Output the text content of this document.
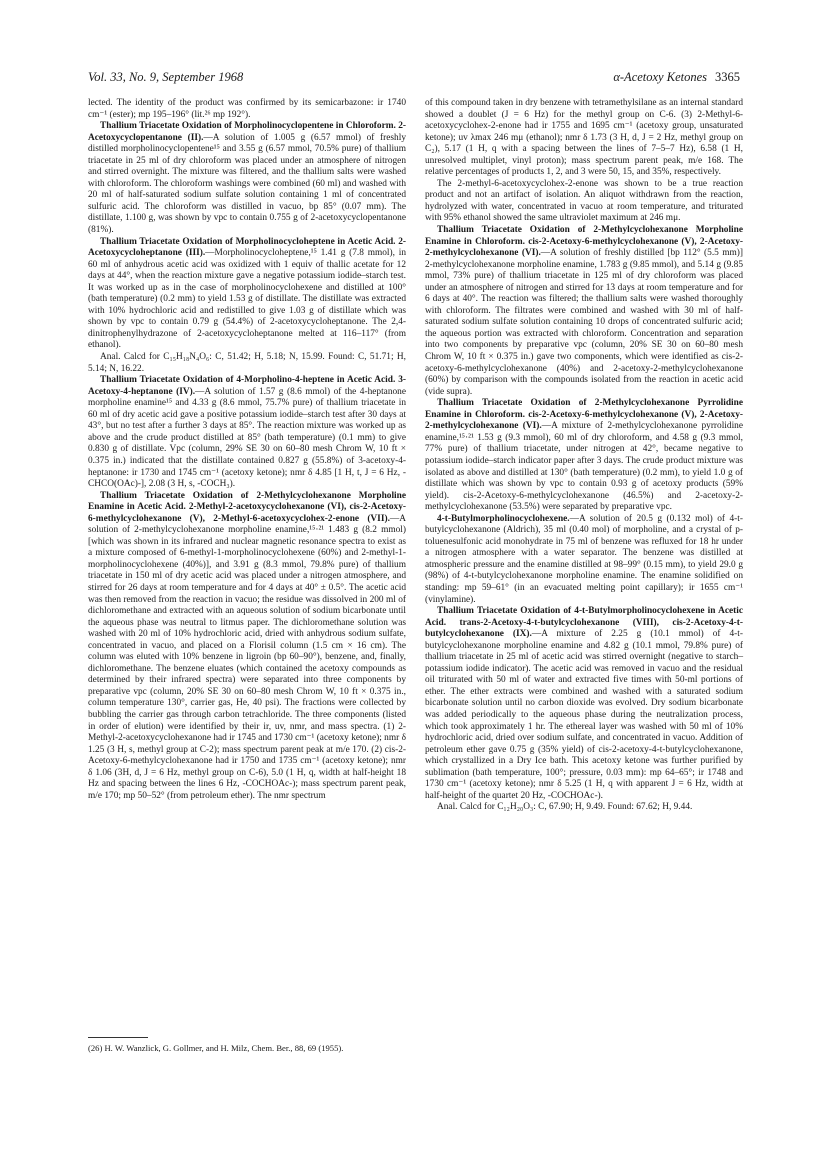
Vol. 33, No. 9, September 1968	α-Acetoxy Ketones 3365

lected. The identity of the product was confirmed by its semicarbazone: ir 1740 cm⁻¹ (ester); mp 195–196° (lit.²⁶ mp 192°).

Thallium Triacetate Oxidation of Morpholinocyclopentene in Chloroform. 2-Acetoxycyclopentanone (II).—A solution of 1.005 g (6.57 mmol) of freshly distilled morpholinocyclopentene¹⁵ and 3.55 g (6.57 mmol, 70.5% pure) of thallium triacetate in 25 ml of dry chloroform was placed under an atmosphere of nitrogen and stirred overnight. The mixture was filtered, and the thallium salts were washed with chloroform. The chloroform washings were combined (60 ml) and washed with 20 ml of half-saturated sodium sulfate solution containing 1 ml of concentrated sulfuric acid. The chloroform was distilled in vacuo, bp 85° (0.07 mm). The distillate, 1.100 g, was shown by vpc to contain 0.755 g of 2-acetoxycyclopentanone (81%).

Thallium Triacetate Oxidation of Morpholinocycloheptene in Acetic Acid. 2-Acetoxycycloheptanone (III).—Morpholinocycloheptene,¹⁵ 1.41 g (7.8 mmol), in 60 ml of anhydrous acetic acid was oxidized with 1 equiv of thallic acetate for 12 days at 44°, when the reaction mixture gave a negative potassium iodide–starch test. It was worked up as in the case of morpholinocyclohexene and distilled at 100° (bath temperature) (0.2 mm) to yield 1.53 g of distillate. The distillate was extracted with 10% hydrochloric acid and redistilled to give 1.03 g of distillate which was shown by vpc to contain 0.79 g (54.4%) of 2-acetoxycycloheptanone. The 2,4-dinitrophenylhydrazone of 2-acetoxycycloheptanone melted at 116–117° (from ethanol).

Anal. Calcd for C₁₅H₁₈N₄O₆: C, 51.42; H, 5.18; N, 15.99. Found: C, 51.71; H, 5.14; N, 16.22.

Thallium Triacetate Oxidation of 4-Morpholino-4-heptene in Acetic Acid. 3-Acetoxy-4-heptanone (IV).—A solution of 1.57 g (8.6 mmol) of the 4-heptanone morpholine enamine¹⁵ and 4.33 g (8.6 mmol, 75.7% pure) of thallium triacetate in 60 ml of dry acetic acid gave a positive potassium iodide–starch test after 30 days at 43°, but no test after a further 3 days at 85°. The reaction mixture was worked up as above and the crude product distilled at 85° (bath temperature) (0.1 mm) to give 0.830 g of distillate. Vpc (column, 29% SE 30 on 60–80 mesh Chrom W, 10 ft × 0.375 in.) indicated that the distillate contained 0.827 g (55.8%) of 3-acetoxy-4-heptanone: ir 1730 and 1745 cm⁻¹ (acetoxy ketone); nmr δ 4.85 [1 H, t, J = 6 Hz, -CHCO(OAc)-], 2.08 (3 H, s, -COCH₃).

Thallium Triacetate Oxidation of 2-Methylcyclohexanone Morpholine Enamine in Acetic Acid. 2-Methyl-2-acetoxycyclohexanone (VI), cis-2-Acetoxy-6-methylcyclohexanone (V), 2-Methyl-6-acetoxycyclohex-2-enone (VII).—A solution of 2-methylcyclohexanone morpholine enamine,¹⁵·²¹ 1.483 g (8.2 mmol) [which was shown in its infrared and nuclear magnetic resonance spectra to exist as a mixture composed of 6-methyl-1-morpholinocyclohexene (60%) and 2-methyl-1-morpholinocyclohexene (40%)], and 3.91 g (8.3 mmol, 79.8% pure) of thallium triacetate in 150 ml of dry acetic acid was placed under a nitrogen atmosphere, and stirred for 26 days at room temperature and for 4 days at 40° ± 0.5°. The acetic acid was then removed from the reaction in vacuo; the residue was dissolved in 200 ml of dichloromethane and extracted with an aqueous solution of sodium bicarbonate until the aqueous phase was neutral to litmus paper. The dichloromethane solution was washed with 20 ml of 10% hydrochloric acid, dried with anhydrous sodium sulfate, concentrated in vacuo, and placed on a Florisil column (1.5 cm × 16 cm). The column was eluted with 10% benzene in ligroin (bp 60–90°), benzene, and, finally, dichloromethane. The benzene eluates (which contained the acetoxy compounds as determined by their infrared spectra) were separated into three components by preparative vpc (column, 20% SE 30 on 60–80 mesh Chrom W, 10 ft × 0.375 in., column temperature 130°, carrier gas, He, 40 psi). The fractions were collected by bubbling the carrier gas through carbon tetrachloride. The three components (listed in order of elution) were identified by their ir, uv, nmr, and mass spectra. (1) 2-Methyl-2-acetoxycyclohexanone had ir 1745 and 1730 cm⁻¹ (acetoxy ketone); nmr δ 1.25 (3 H, s, methyl group at C-2); mass spectrum parent peak at m/e 170. (2) cis-2-Acetoxy-6-methylcyclohexanone had ir 1750 and 1735 cm⁻¹ (acetoxy ketone); nmr δ 1.06 (3H, d, J = 6 Hz, methyl group on C-6), 5.0 (1 H, q, width at half-height 18 Hz and spacing between the lines 6 Hz, -COCHOAc-); mass spectrum parent peak, m/e 170; mp 50–52° (from petroleum ether). The nmr spectrum

of this compound taken in dry benzene with tetramethylsilane as an internal standard showed a doublet (J = 6 Hz) for the methyl group on C-6. (3) 2-Methyl-6-acetoxycyclohex-2-enone had ir 1755 and 1695 cm⁻¹ (acetoxy group, unsaturated ketone); uv λmax 246 mμ (ethanol); nmr δ 1.73 (3 H, d, J = 2 Hz, methyl group on C₂), 5.17 (1 H, q with a spacing between the lines of 7–5–7 Hz), 6.58 (1 H, unresolved multiplet, vinyl proton); mass spectrum parent peak, m/e 168. The relative percentages of products 1, 2, and 3 were 50, 15, and 35%, respectively.

The 2-methyl-6-acetoxycyclohex-2-enone was shown to be a true reaction product and not an artifact of isolation. An aliquot withdrawn from the reaction, hydrolyzed with water, concentrated in vacuo at room temperature, and triturated with 95% ethanol showed the same ultraviolet maximum at 246 mμ.

Thallium Triacetate Oxidation of 2-Methylcyclohexanone Morpholine Enamine in Chloroform. cis-2-Acetoxy-6-methylcyclohexanone (V), 2-Acetoxy-2-methylcyclohexanone (VI).—A solution of freshly distilled [bp 112° (5.5 mm)] 2-methylcyclohexanone morpholine enamine, 1.783 g (9.85 mmol), and 5.14 g (9.85 mmol, 73% pure) of thallium triacetate in 125 ml of dry chloroform was placed under an atmosphere of nitrogen and stirred for 13 days at room temperature and for 6 days at 40°. The reaction was filtered; the thallium salts were washed thoroughly with chloroform. The filtrates were combined and washed with 30 ml of half-saturated sodium sulfate solution containing 10 drops of concentrated sulfuric acid; the aqueous portion was extracted with chloroform. Concentration and separation into two components by preparative vpc (column, 20% SE 30 on 60–80 mesh Chrom W, 10 ft × 0.375 in.) gave two components, which were identified as cis-2-acetoxy-6-methylcyclohexanone (40%) and 2-acetoxy-2-methylcyclohexanone (60%) by comparison with the compounds isolated from the reaction in acetic acid (vide supra).

Thallium Triacetate Oxidation of 2-Methylcyclohexanone Pyrrolidine Enamine in Chloroform. cis-2-Acetoxy-6-methylcyclohexanone (V), 2-Acetoxy-2-methylcyclohexanone (VI).—A mixture of 2-methylcyclohexanone pyrrolidine enamine,¹⁵·²¹ 1.53 g (9.3 mmol), 60 ml of dry chloroform, and 4.58 g (9.3 mmol, 77% pure) of thallium triacetate, under nitrogen at 42°, became negative to potassium iodide–starch indicator paper after 3 days. The crude product mixture was isolated as above and distilled at 130° (bath temperature) (0.2 mm), to yield 1.0 g of distillate which was shown by vpc to contain 0.93 g of acetoxy products (59% yield). cis-2-Acetoxy-6-methylcyclohexanone (46.5%) and 2-acetoxy-2-methylcyclohexanone (53.5%) were separated by preparative vpc.

4-t-Butylmorpholinocyclohexene.—A solution of 20.5 g (0.132 mol) of 4-t-butylcyclohexanone (Aldrich), 35 ml (0.40 mol) of morpholine, and a crystal of p-toluenesulfonic acid monohydrate in 75 ml of benzene was refluxed for 18 hr under a nitrogen atmosphere with a water separator. The benzene was distilled at atmospheric pressure and the enamine distilled at 98–99° (0.15 mm), to yield 29.0 g (98%) of 4-t-butylcyclohexanone morpholine enamine. The enamine solidified on standing: mp 59–61° (in an evacuated melting point capillary); ir 1655 cm⁻¹ (vinylamine).

Thallium Triacetate Oxidation of 4-t-Butylmorpholinocyclohexene in Acetic Acid. trans-2-Acetoxy-4-t-butylcyclohexanone (VIII), cis-2-Acetoxy-4-t-butylcyclohexanone (IX).—A mixture of 2.25 g (10.1 mmol) of 4-t-butylcyclohexanone morpholine enamine and 4.82 g (10.1 mmol, 79.8% pure) of thallium triacetate in 25 ml of acetic acid was stirred overnight (negative to starch–potassium iodide indicator). The acetic acid was removed in vacuo and the residual oil triturated with 50 ml of water and extracted five times with 50-ml portions of ether. The ether extracts were combined and washed with a saturated sodium bicarbonate solution until no carbon dioxide was evolved. Dry sodium bicarbonate was added periodically to the aqueous phase during the neutralization process, which took approximately 1 hr. The ethereal layer was washed with 50 ml of 10% hydrochloric acid, dried over sodium sulfate, and concentrated in vacuo. Addition of petroleum ether gave 0.75 g (35% yield) of cis-2-acetoxy-4-t-butylcyclohexanone, which crystallized in a Dry Ice bath. This acetoxy ketone was further purified by sublimation (bath temperature, 100°; pressure, 0.03 mm): mp 64–65°; ir 1748 and 1730 cm⁻¹ (acetoxy ketone); nmr δ 5.25 (1 H, q with apparent J = 6 Hz, width at half-height of the quartet 20 Hz, -COCHOAc-).

Anal. Calcd for C₁₂H₂₀O₃: C, 67.90; H, 9.49. Found: 67.62; H, 9.44.

(26) H. W. Wanzlick, G. Gollmer, and H. Milz, Chem. Ber., 88, 69 (1955).
